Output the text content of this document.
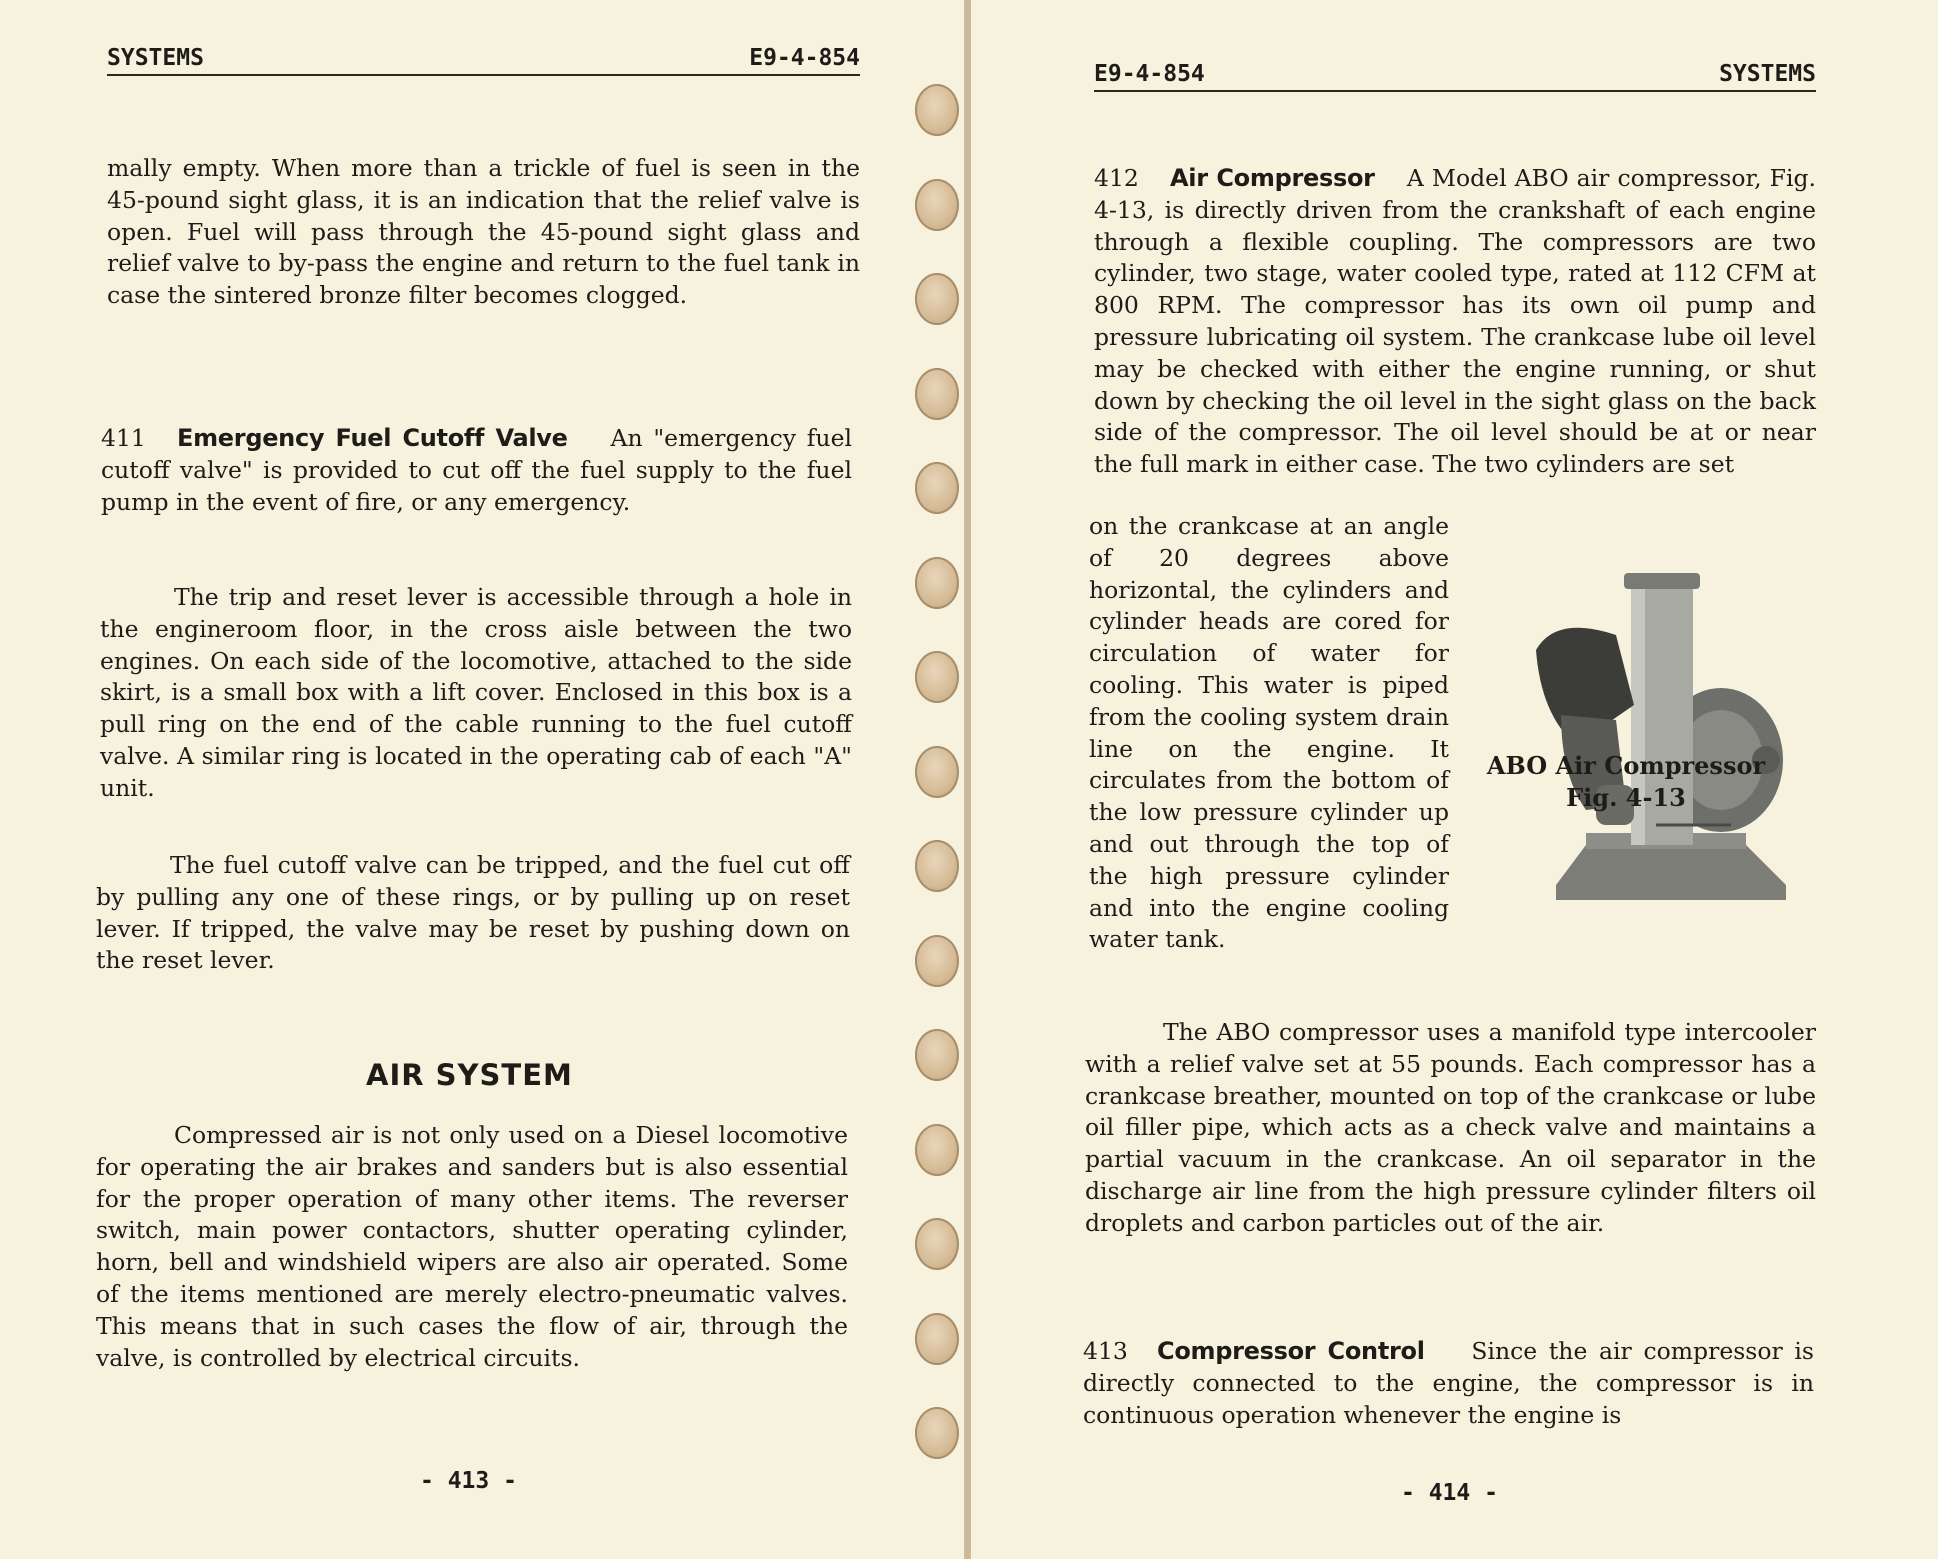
SYSTEMS	E9-4-854

mally empty. When more than a trickle of fuel is seen in the 45-pound sight glass, it is an indication that the relief valve is open. Fuel will pass through the 45-pound sight glass and relief valve to by-pass the engine and return to the fuel tank in case the sintered bronze filter becomes clogged.

411 Emergency Fuel Cutoff Valve An "emergency fuel cutoff valve" is provided to cut off the fuel supply to the fuel pump in the event of fire, or any emergency.

The trip and reset lever is accessible through a hole in the engineroom floor, in the cross aisle between the two engines. On each side of the locomotive, attached to the side skirt, is a small box with a lift cover. Enclosed in this box is a pull ring on the end of the cable running to the fuel cutoff valve. A similar ring is located in the operating cab of each "A" unit.

The fuel cutoff valve can be tripped, and the fuel cut off by pulling any one of these rings, or by pulling up on reset lever. If tripped, the valve may be reset by pushing down on the reset lever.

AIR SYSTEM

Compressed air is not only used on a Diesel locomotive for operating the air brakes and sanders but is also essential for the proper operation of many other items. The reverser switch, main power contactors, shutter operating cylinder, horn, bell and windshield wipers are also air operated. Some of the items mentioned are merely electro-pneumatic valves. This means that in such cases the flow of air, through the valve, is controlled by electrical circuits.

- 413 -
E9-4-854	SYSTEMS

412 Air Compressor A Model ABO air compressor, Fig. 4-13, is directly driven from the crankshaft of each engine through a flexible coupling. The compressors are two cylinder, two stage, water cooled type, rated at 112 CFM at 800 RPM. The compressor has its own oil pump and pressure lubricating oil system. The crankcase lube oil level may be checked with either the engine running, or shut down by checking the oil level in the sight glass on the back side of the compressor. The oil level should be at or near the full mark in either case. The two cylinders are set

on the crankcase at an angle of 20 degrees above horizontal, the cylinders and cylinder heads are cored for circulation of water for cooling. This water is piped from the cooling system drain line on the engine. It circulates from the bottom of the low pressure cylinder up and out through the top of the high pressure cylinder and into the engine cooling water tank.

ABO Air Compressor
Fig. 4-13

The ABO compressor uses a manifold type intercooler with a relief valve set at 55 pounds. Each compressor has a crankcase breather, mounted on top of the crankcase or lube oil filler pipe, which acts as a check valve and maintains a partial vacuum in the crankcase. An oil separator in the discharge air line from the high pressure cylinder filters oil droplets and carbon particles out of the air.

413 Compressor Control Since the air compressor is directly connected to the engine, the compressor is in continuous operation whenever the engine is

- 414 -
